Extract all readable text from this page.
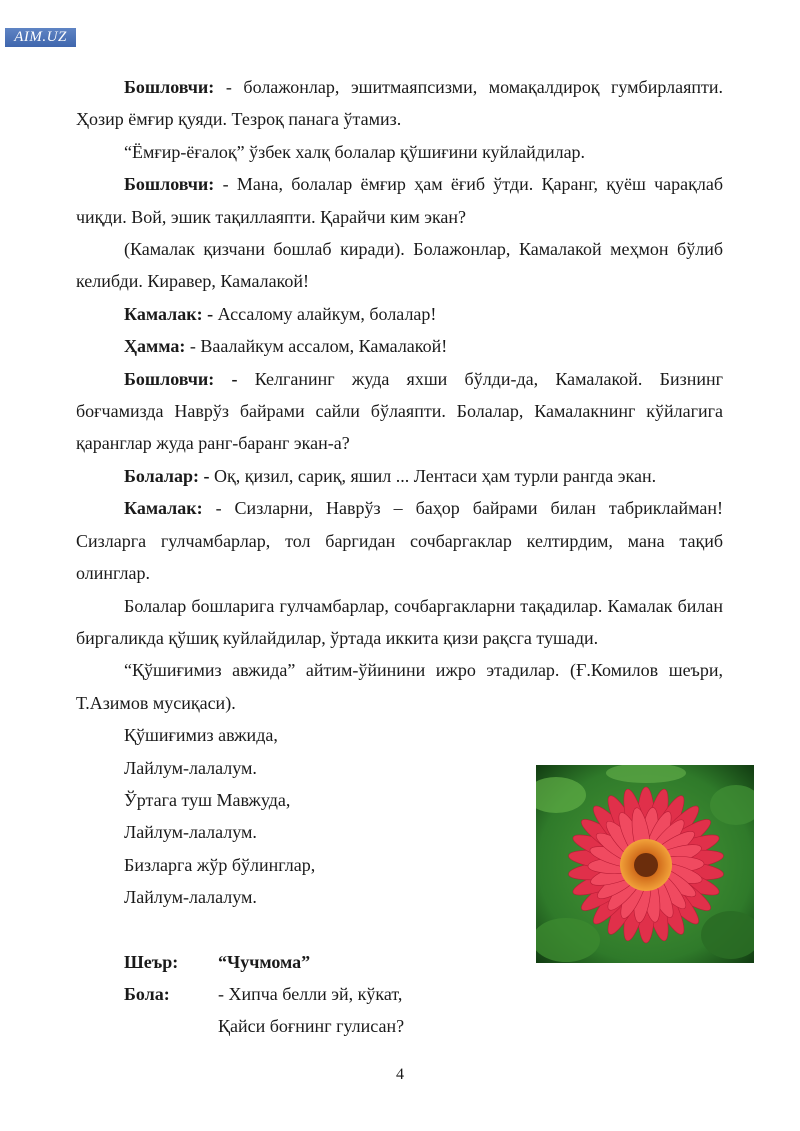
AIM.UZ

Бошловчи: - болажонлар, эшитмаяпсизми, момақалдироқ гумбирлаяпти. Ҳозир ёмғир қуяди. Тезроқ панага ўтамиз.

“Ёмғир-ёғалоқ” ўзбек халқ болалар қўшиғини куйлайдилар.

Бошловчи: - Мана, болалар ёмғир ҳам ёғиб ўтди. Қаранг, қуёш чарақлаб чиқди. Вой, эшик тақиллаяпти. Қарайчи ким экан?

(Камалак қизчани бошлаб киради). Болажонлар, Камалакой меҳмон бўлиб келибди. Киравер, Камалакой!

Камалак: - Ассалому алайкум, болалар!

Ҳамма: - Ваалайкум ассалом, Камалакой!

Бошловчи: - Келганинг жуда яхши бўлди-да, Камалакой. Бизнинг боғчамизда Наврўз байрами сайли бўлаяпти. Болалар, Камалакнинг кўйлагига қаранглар жуда ранг-баранг экан-а?

Болалар: - Оқ, қизил, сариқ, яшил ... Лентаси ҳам турли рангда экан.

Камалак: - Сизларни, Наврўз – баҳор байрами билан табриклайман! Сизларга гулчамбарлар, тол баргидан сочбаргаклар келтирдим, мана тақиб олинглар.

Болалар бошларига гулчамбарлар, сочбаргакларни тақадилар. Камалак билан биргаликда қўшиқ куйлайдилар, ўртада иккита қизи рақсга тушади.

“Қўшиғимиз авжида” айтим-ўйинини ижро этадилар. (Ғ.Комилов шеъри, Т.Азимов мусиқаси).

Қўшиғимиз авжида,
Лайлум-лалалум.
Ўртага туш Мавжуда,
Лайлум-лалалум.
Бизларга жўр бўлинглар,
Лайлум-лалалум.
Шеър:	“Чучмома”
Бола:	- Хипча белли эй, кўкат,
Қайси боғнинг гулисан?
4
